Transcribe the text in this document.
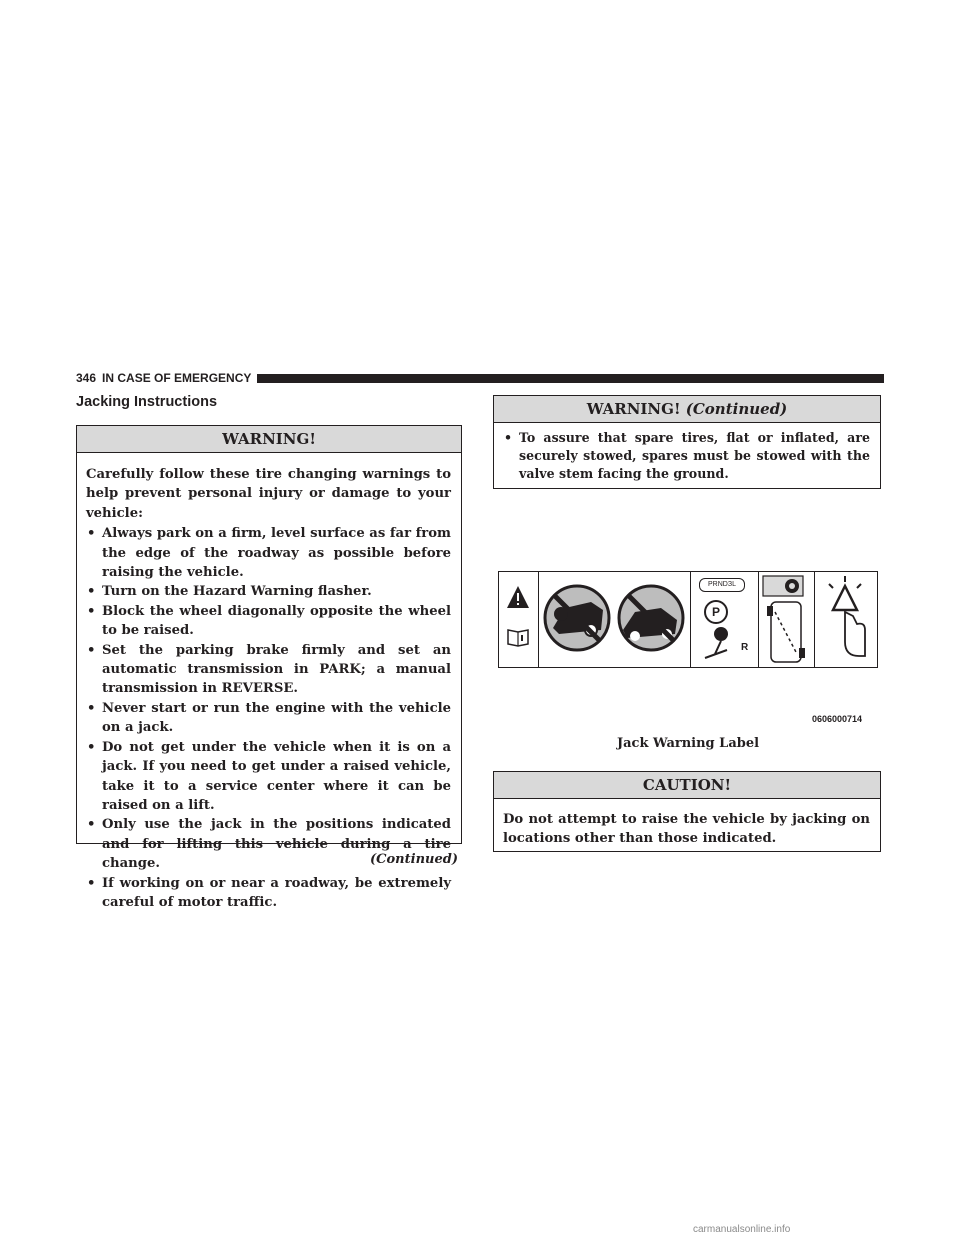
346 IN CASE OF EMERGENCY
Jacking Instructions
WARNING!

Carefully follow these tire changing warnings to help prevent personal injury or damage to your vehicle:

• Always park on a firm, level surface as far from the edge of the roadway as possible before raising the vehicle.
• Turn on the Hazard Warning flasher.
• Block the wheel diagonally opposite the wheel to be raised.
• Set the parking brake firmly and set an automatic transmission in PARK; a manual transmission in REVERSE.
• Never start or run the engine with the vehicle on a jack.
• Do not get under the vehicle when it is on a jack. If you need to get under a raised vehicle, take it to a service center where it can be raised on a lift.
• Only use the jack in the positions indicated and for lifting this vehicle during a tire change.
• If working on or near a roadway, be extremely careful of motor traffic.
(Continued)
WARNING! (Continued)
• To assure that spare tires, flat or inflated, are securely stowed, spares must be stowed with the valve stem facing the ground.
PRNDЗL
P
R
0606000714
Jack Warning Label
CAUTION!
Do not attempt to raise the vehicle by jacking on locations other than those indicated.
carmanualsonline.info
